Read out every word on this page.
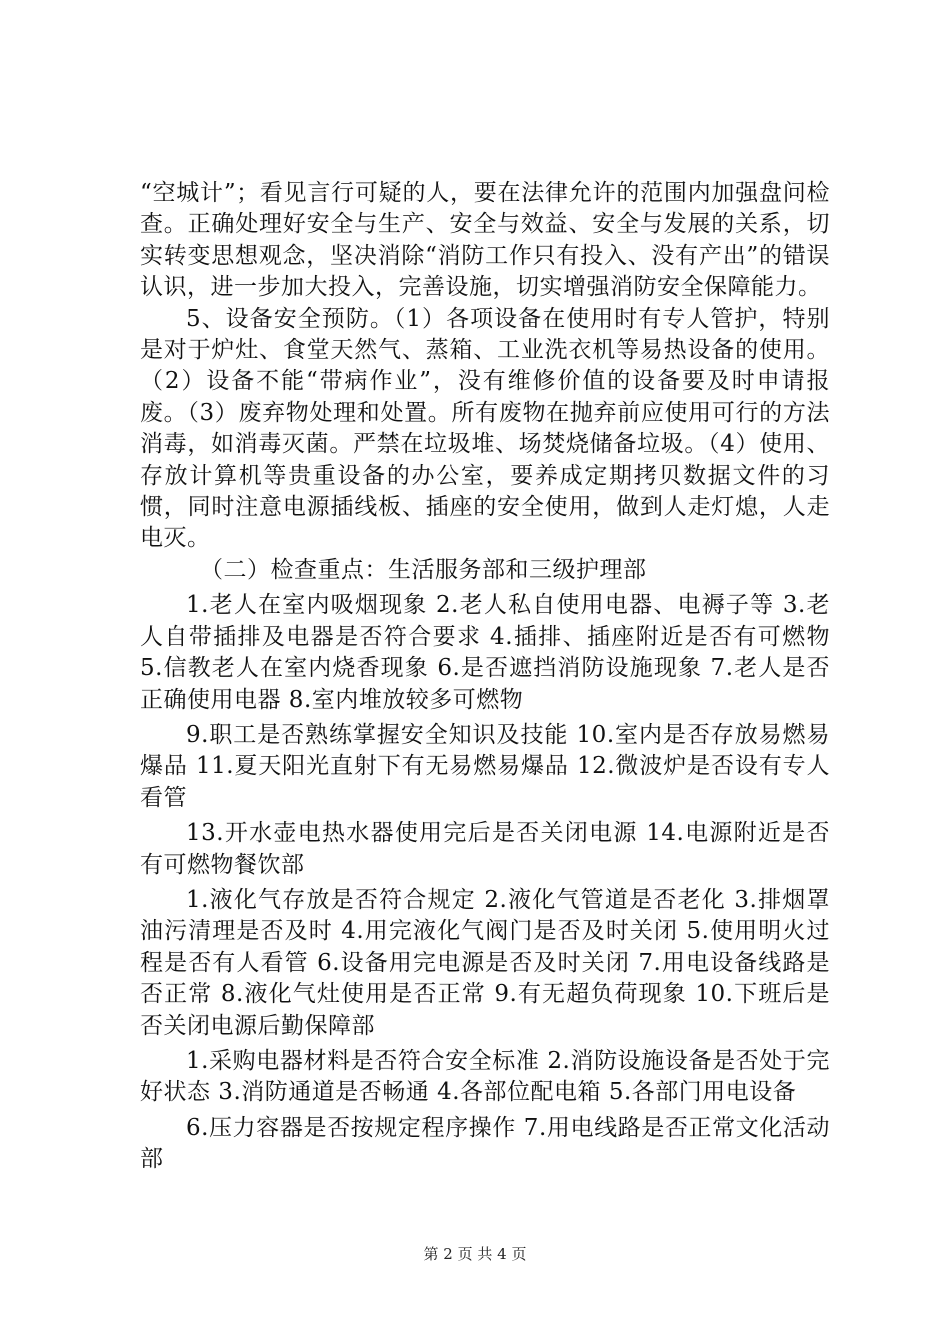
“空城计”；看见言行可疑的人，要在法律允许的范围内加强盘问检查。正确处理好安全与生产、安全与效益、安全与发展的关系，切实转变思想观念，坚决消除“消防工作只有投入、没有产出”的错误认识，进一步加大投入，完善设施，切实增强消防安全保障能力。

5、设备安全预防。（1）各项设备在使用时有专人管护，特别是对于炉灶、食堂天然气、蒸箱、工业洗衣机等易热设备的使用。（2）设备不能“带病作业”，没有维修价值的设备要及时申请报废。（3）废弃物处理和处置。所有废物在抛弃前应使用可行的方法消毒，如消毒灭菌。严禁在垃圾堆、场焚烧储备垃圾。（4）使用、存放计算机等贵重设备的办公室，要养成定期拷贝数据文件的习惯，同时注意电源插线板、插座的安全使用，做到人走灯熄，人走电灭。

（二）检查重点：生活服务部和三级护理部

1.老人在室内吸烟现象 2.老人私自使用电器、电褥子等 3.老人自带插排及电器是否符合要求 4.插排、插座附近是否有可燃物 5.信教老人在室内烧香现象 6.是否遮挡消防设施现象 7.老人是否正确使用电器 8.室内堆放较多可燃物

9.职工是否熟练掌握安全知识及技能 10.室内是否存放易燃易爆品 11.夏天阳光直射下有无易燃易爆品 12.微波炉是否设有专人看管

13.开水壶电热水器使用完后是否关闭电源 14.电源附近是否有可燃物餐饮部

1.液化气存放是否符合规定 2.液化气管道是否老化 3.排烟罩油污清理是否及时 4.用完液化气阀门是否及时关闭 5.使用明火过程是否有人看管 6.设备用完电源是否及时关闭 7.用电设备线路是否正常 8.液化气灶使用是否正常 9.有无超负荷现象 10.下班后是否关闭电源后勤保障部

1.采购电器材料是否符合安全标准 2.消防设施设备是否处于完好状态 3.消防通道是否畅通 4.各部位配电箱 5.各部门用电设备

6.压力容器是否按规定程序操作 7.用电线路是否正常文化活动部

第 2 页 共 4 页
